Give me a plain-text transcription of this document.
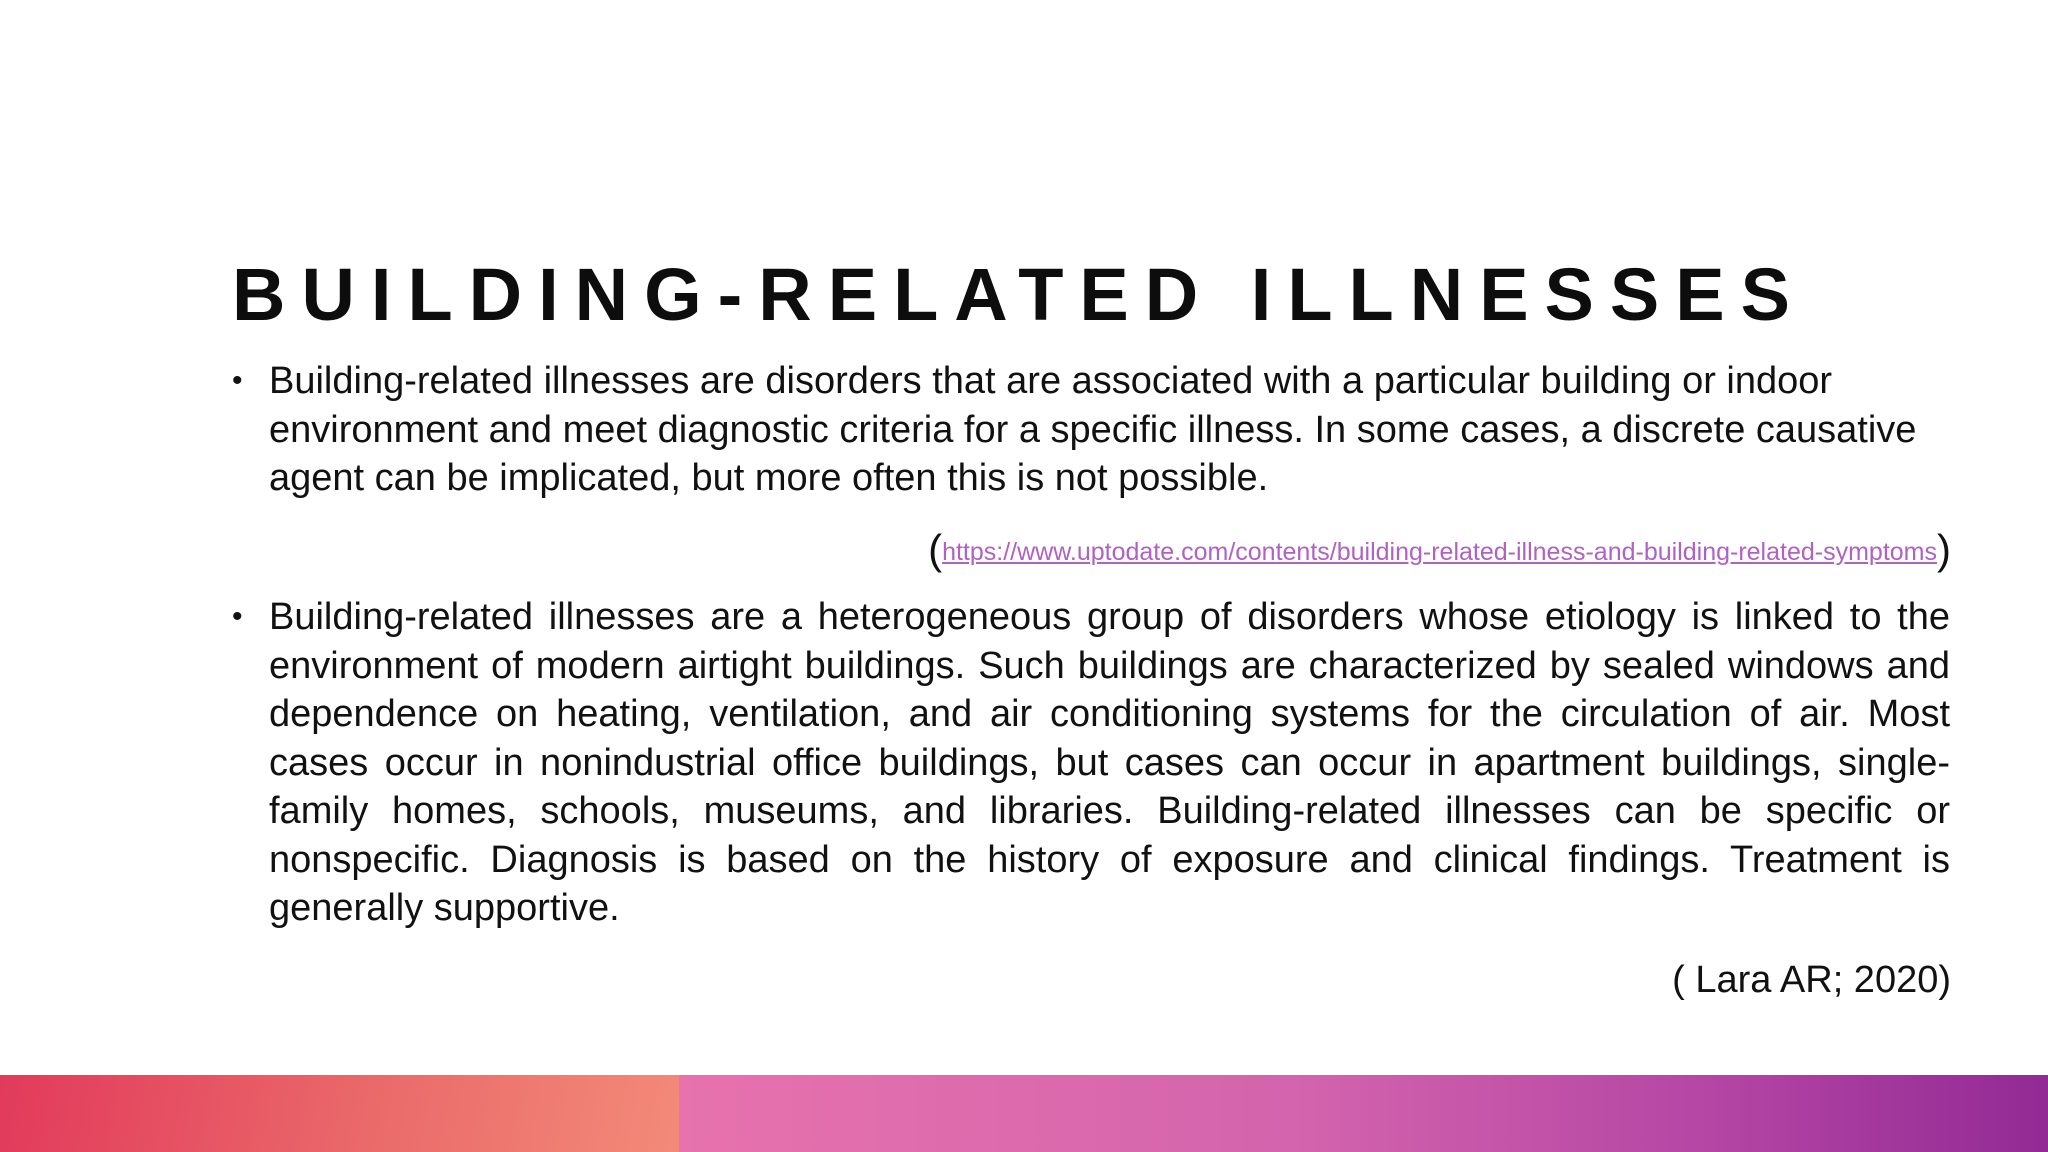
BUILDING-RELATED ILLNESSES
• Building-related illnesses are disorders that are associated with a particular building or indoor environment and meet diagnostic criteria for a specific illness. In some cases, a discrete causative agent can be implicated, but more often this is not possible.
(https://www.uptodate.com/contents/building-related-illness-and-building-related-symptoms)
• Building-related illnesses are a heterogeneous group of disorders whose etiology is linked to the environment of modern airtight buildings. Such buildings are characterized by sealed windows and dependence on heating, ventilation, and air conditioning systems for the circulation of air. Most cases occur in nonindustrial office buildings, but cases can occur in apartment buildings, single-family homes, schools, museums, and libraries. Building-related illnesses can be specific or nonspecific. Diagnosis is based on the history of exposure and clinical findings. Treatment is generally supportive.
( Lara AR; 2020)
